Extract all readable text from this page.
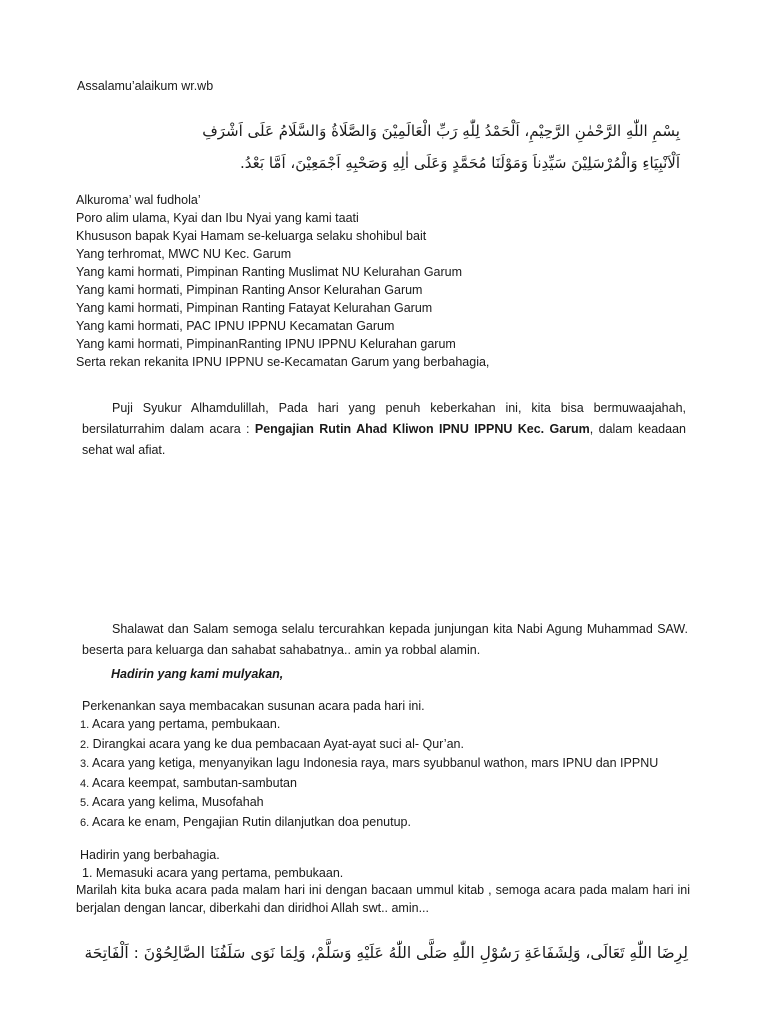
Assalamu’alaikum wr.wb
بِسْمِ اللّٰهِ الرَّحْمٰنِ الرَّحِيْمِ، اَلْحَمْدُ لِلّٰهِ رَبِّ الْعَالَمِيْنَ وَالصَّلَاةُ وَالسَّلَامُ عَلَى اَشْرَفِ
اَلْاَنْبِيَاءِ وَالْمُرْسَلِيْنَ سَيِّدِناَ وَمَوْلَنَا مُحَمَّدٍ وَعَلَى اٰلِهِ وَصَحْبِهِ اَجْمَعِيْنَ، اَمَّا بَعْدُ.
Alkuroma’ wal fudhola’
Poro alim ulama, Kyai dan Ibu Nyai yang kami taati
Khususon bapak Kyai Hamam se-keluarga selaku shohibul bait
Yang terhromat, MWC NU Kec. Garum
Yang kami hormati, Pimpinan Ranting Muslimat NU Kelurahan Garum
Yang kami hormati, Pimpinan Ranting Ansor Kelurahan Garum
Yang kami hormati, Pimpinan Ranting Fatayat Kelurahan Garum
Yang kami hormati, PAC IPNU IPPNU Kecamatan Garum
Yang kami hormati, PimpinanRanting IPNU IPPNU Kelurahan garum
Serta rekan rekanita IPNU IPPNU se-Kecamatan Garum yang berbahagia,
Puji Syukur Alhamdulillah, Pada hari yang penuh keberkahan ini, kita bisa bermuwaajahah, bersilaturrahim dalam acara : Pengajian Rutin Ahad Kliwon IPNU IPPNU Kec. Garum, dalam keadaan sehat wal afiat.
Shalawat dan Salam semoga selalu tercurahkan kepada junjungan kita Nabi Agung Muhammad SAW. beserta para keluarga dan sahabat sahabatnya.. amin ya robbal alamin.
Hadirin yang kami mulyakan,
Perkenankan saya membacakan susunan acara pada hari ini.
1. Acara yang pertama, pembukaan.
2. Dirangkai acara yang ke dua pembacaan Ayat-ayat suci al- Qur’an.
3. Acara yang ketiga, menyanyikan lagu Indonesia raya, mars syubbanul wathon, mars IPNU dan IPPNU
4. Acara keempat, sambutan-sambutan
5. Acara yang kelima, Musofahah
6. Acara ke enam, Pengajian Rutin dilanjutkan doa penutup.
Hadirin yang berbahagia.
1. Memasuki acara yang pertama, pembukaan.
Marilah kita buka acara pada malam hari ini dengan bacaan ummul kitab , semoga acara pada malam hari ini berjalan dengan lancar, diberkahi dan diridhoi Allah swt.. amin...
لِرِضَا اللّٰهِ تَعَالَى، وَلِشَفَاعَةِ رَسُوْلِ اللّٰهِ صَلَّى اللّٰهُ عَلَيْهِ وَسَلَّمْ، وَلِمَا نَوَى سَلَفُنَا الصَّالِحُوْنَ : اَلْفَاتِحَة
